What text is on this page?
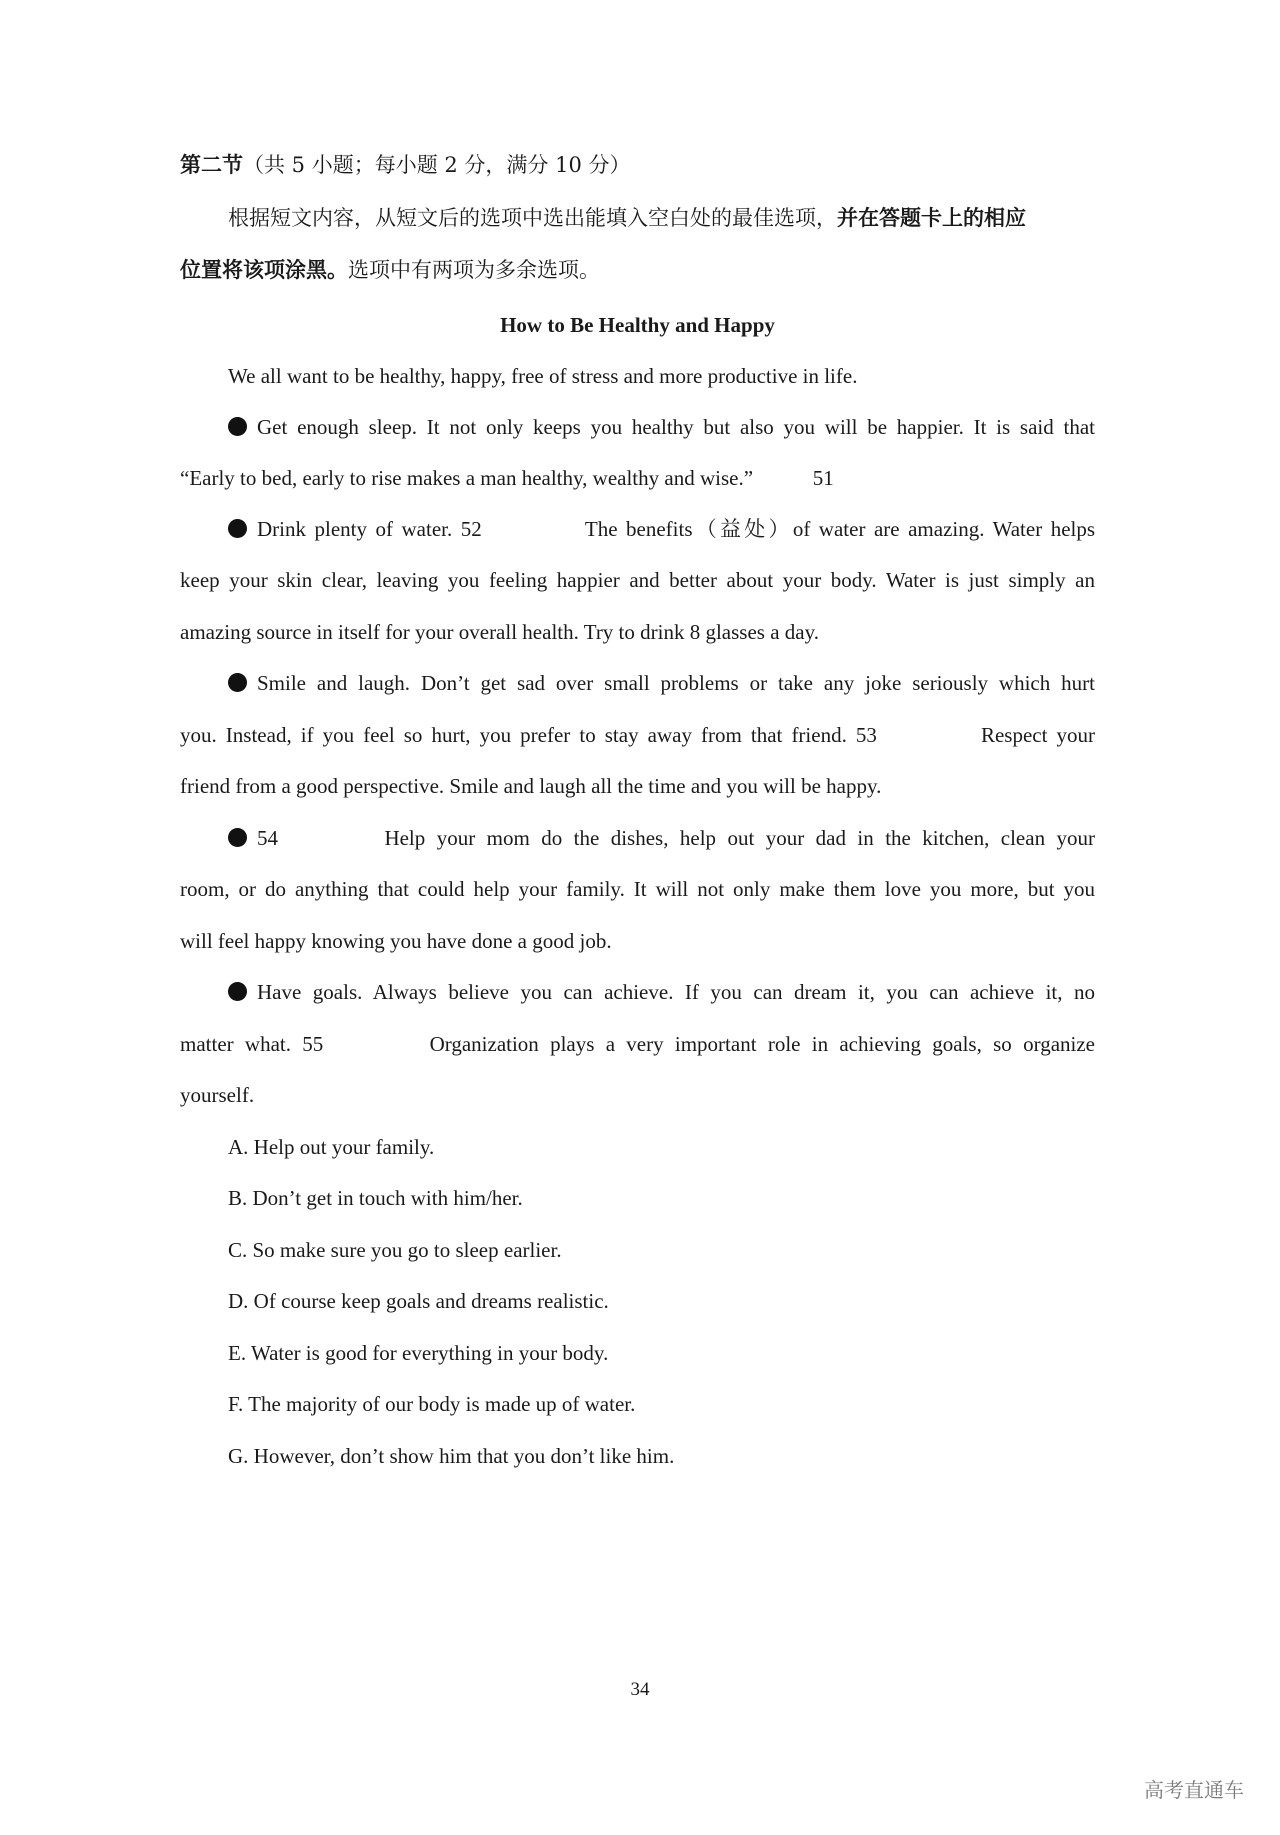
第二节（共 5 小题；每小题 2 分，满分 10 分）
根据短文内容，从短文后的选项中选出能填入空白处的最佳选项，并在答题卡上的相应
位置将该项涂黑。选项中有两项为多余选项。
How to Be Healthy and Happy
We all want to be healthy, happy, free of stress and more productive in life.
Get enough sleep. It not only keeps you healthy but also you will be happier. It is said that
“Early to bed, early to rise makes a man healthy, wealthy and wise.”	51
Drink plenty of water. 52	The benefits（益处）of water are amazing. Water helps
keep your skin clear, leaving you feeling happier and better about your body. Water is just simply an
amazing source in itself for your overall health. Try to drink 8 glasses a day.
Smile and laugh. Don’t get sad over small problems or take any joke seriously which hurt
you. Instead, if you feel so hurt, you prefer to stay away from that friend. 53	Respect your
friend from a good perspective. Smile and laugh all the time and you will be happy.
54	Help your mom do the dishes, help out your dad in the kitchen, clean your
room, or do anything that could help your family. It will not only make them love you more, but you
will feel happy knowing you have done a good job.
Have goals. Always believe you can achieve. If you can dream it, you can achieve it, no
matter what. 55	Organization plays a very important role in achieving goals, so organize
yourself.
A. Help out your family.
B. Don’t get in touch with him/her.
C. So make sure you go to sleep earlier.
D. Of course keep goals and dreams realistic.
E. Water is good for everything in your body.
F. The majority of our body is made up of water.
G. However, don’t show him that you don’t like him.
34
高考直通车
